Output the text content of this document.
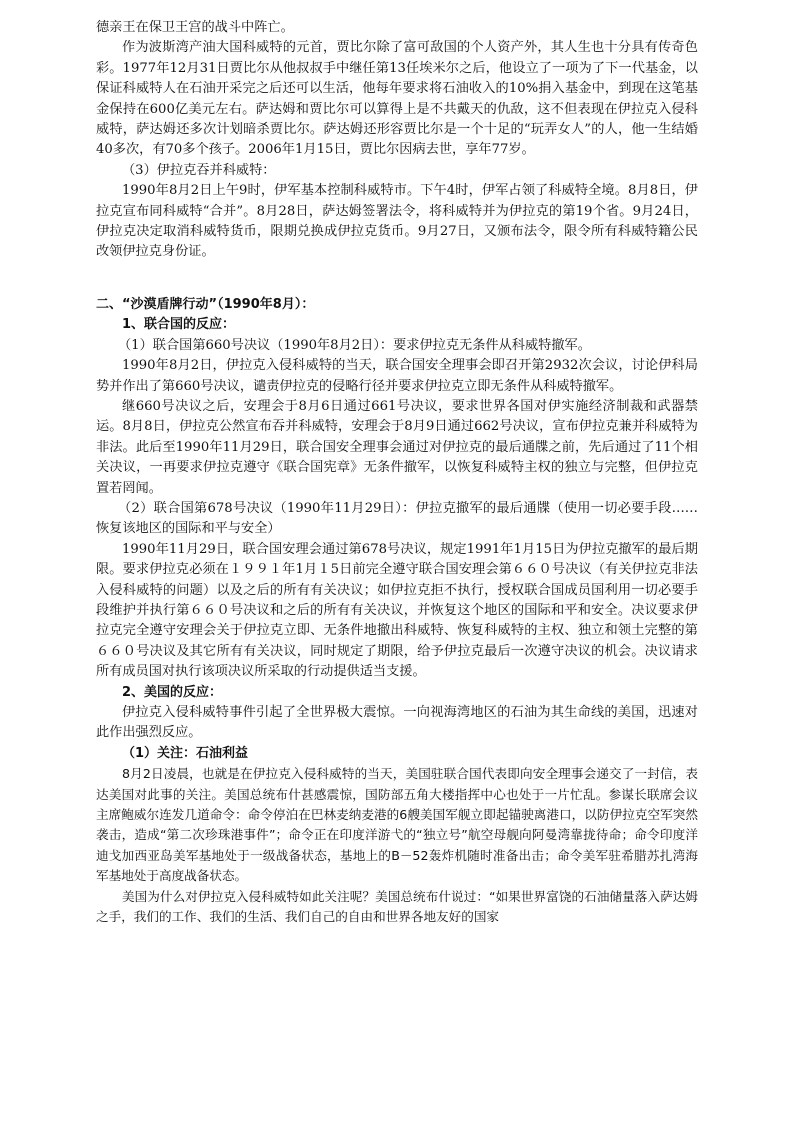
德亲王在保卫王宫的战斗中阵亡。

作为波斯湾产油大国科威特的元首，贾比尔除了富可敌国的个人资产外，其人生也十分具有传奇色彩。1977年12月31日贾比尔从他叔叔手中继任第13任埃米尔之后，他设立了一项为了下一代基金，以保证科威特人在石油开采完之后还可以生活，他每年要求将石油收入的10%捐入基金中，到现在这笔基金保持在600亿美元左右。萨达姆和贾比尔可以算得上是不共戴天的仇敌，这不但表现在伊拉克入侵科威特，萨达姆还多次计划暗杀贾比尔。萨达姆还形容贾比尔是一个十足的“玩弄女人”的人，他一生结婚40多次，有70多个孩子。2006年1月15日，贾比尔因病去世，享年77岁。

（3）伊拉克吞并科威特：

1990年8月2日上午9时，伊军基本控制科威特市。下午4时，伊军占领了科威特全境。8月8日，伊拉克宣布同科威特“合并”。8月28日，萨达姆签署法令，将科威特并为伊拉克的第19个省。9月24日，伊拉克决定取消科威特货币，限期兑换成伊拉克货币。9月27日，又颁布法令，限令所有科威特籍公民改领伊拉克身份证。

二、“沙漠盾牌行动”（1990年8月）：

1、联合国的反应：

（1）联合国第660号决议（1990年8月2日）：要求伊拉克无条件从科威特撤军。

1990年8月2日，伊拉克入侵科威特的当天，联合国安全理事会即召开第2932次会议，讨论伊科局势并作出了第660号决议，谴责伊拉克的侵略行径并要求伊拉克立即无条件从科威特撤军。

继660号决议之后，安理会于8月6日通过661号决议，要求世界各国对伊实施经济制裁和武器禁运。8月8日，伊拉克公然宣布吞并科威特，安理会于8月9日通过662号决议，宣布伊拉克兼并科威特为非法。此后至1990年11月29日，联合国安全理事会通过对伊拉克的最后通牒之前，先后通过了11个相关决议，一再要求伊拉克遵守《联合国宪章》无条件撤军，以恢复科威特主权的独立与完整，但伊拉克置若罔闻。

（2）联合国第678号决议（1990年11月29日）：伊拉克撤军的最后通牒（使用一切必要手段……恢复该地区的国际和平与安全）

1990年11月29日，联合国安理会通过第678号决议，规定1991年1月15日为伊拉克撤军的最后期限。要求伊拉克必须在１９９１年1月１5日前完全遵守联合国安理会第６６０号决议（有关伊拉克非法入侵科威特的问题）以及之后的所有有关决议；如伊拉克拒不执行，授权联合国成员国利用一切必要手段维护并执行第６６０号决议和之后的所有有关决议，并恢复这个地区的国际和平和安全。决议要求伊拉克完全遵守安理会关于伊拉克立即、无条件地撤出科威特、恢复科威特的主权、独立和领土完整的第６６０号决议及其它所有有关决议，同时规定了期限，给予伊拉克最后一次遵守决议的机会。决议请求所有成员国对执行该项决议所采取的行动提供适当支援。

2、美国的反应：

伊拉克入侵科威特事件引起了全世界极大震惊。一向视海湾地区的石油为其生命线的美国，迅速对此作出强烈反应。

（1）关注：石油利益

8月2日凌晨，也就是在伊拉克入侵科威特的当天，美国驻联合国代表即向安全理事会递交了一封信，表达美国对此事的关注。美国总统布什甚感震惊，国防部五角大楼指挥中心也处于一片忙乱。参谋长联席会议主席鲍威尔连发几道命令：命令停泊在巴林麦纳麦港的6艘美国军舰立即起锚驶离港口，以防伊拉克空军突然袭击，造成“第二次珍珠港事件”；命令正在印度洋游弋的“独立号”航空母舰向阿曼湾靠拢待命；命令印度洋迪戈加西亚岛美军基地处于一级战备状态，基地上的B－52轰炸机随时准备出击；命令美军驻希腊苏扎湾海军基地处于高度战备状态。

美国为什么对伊拉克入侵科威特如此关注呢？美国总统布什说过：“如果世界富饶的石油储量落入萨达姆之手，我们的工作、我们的生活、我们自己的自由和世界各地友好的国家
